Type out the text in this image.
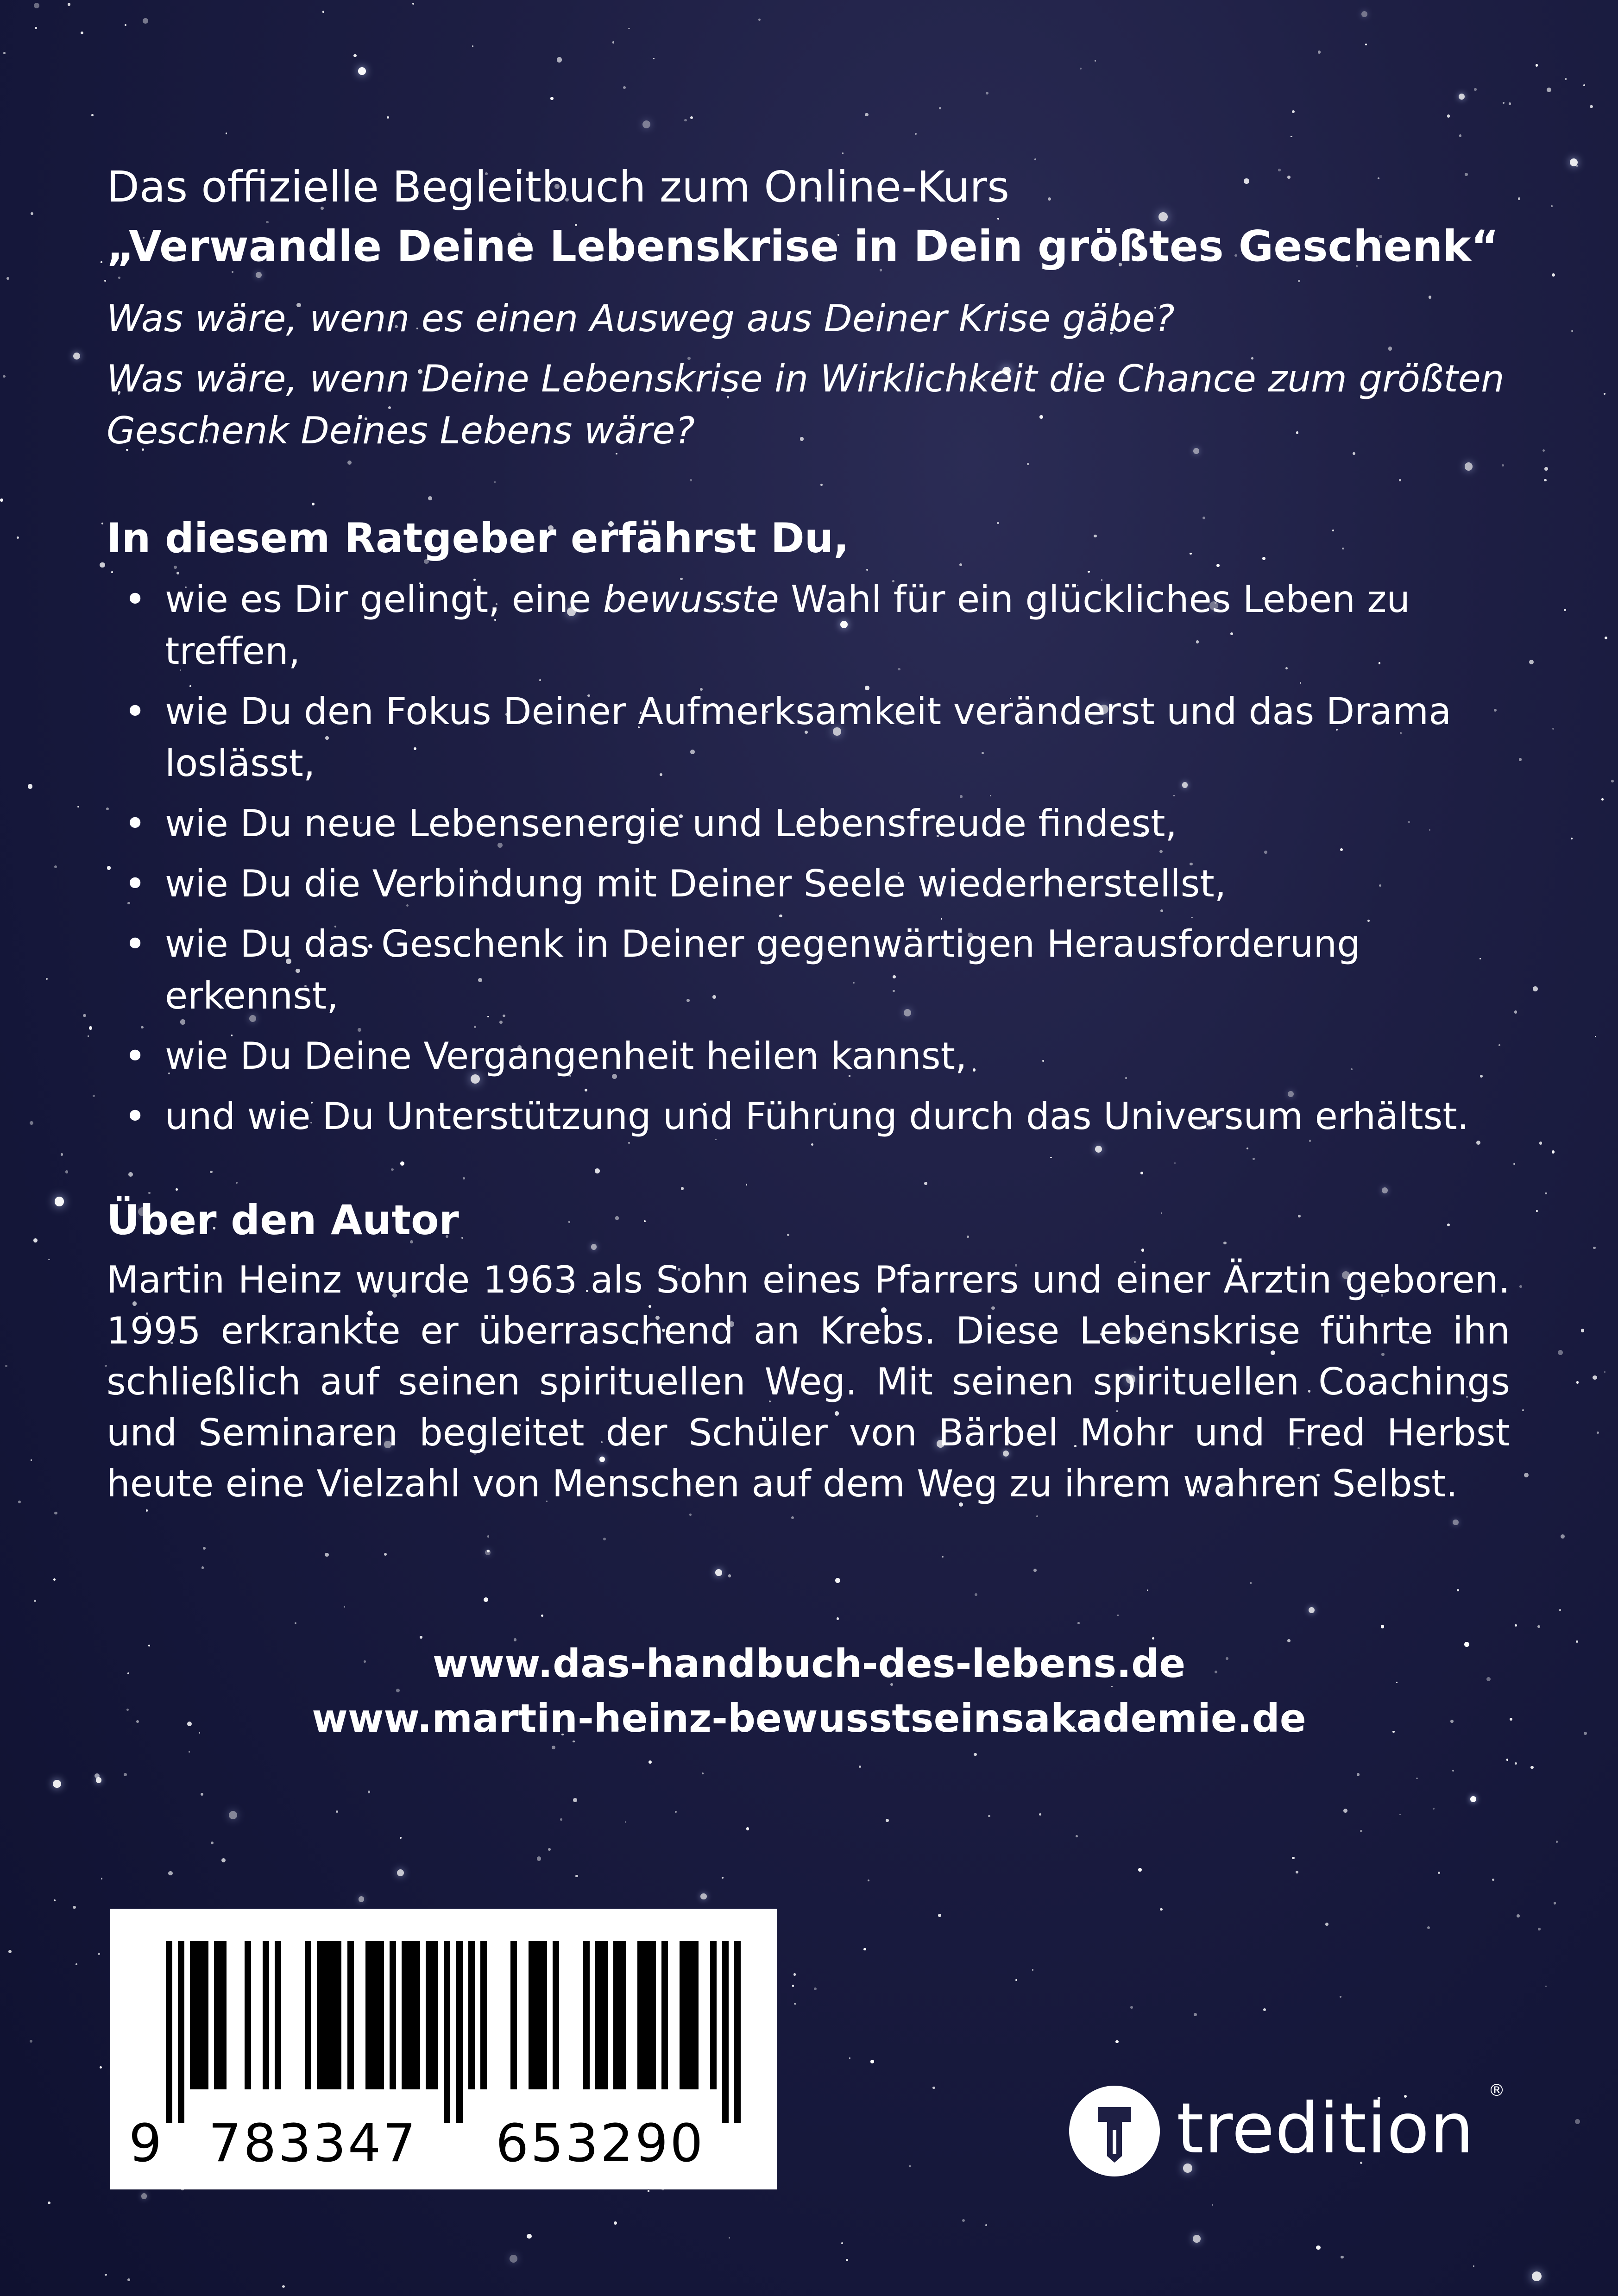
Das offizielle Begleitbuch zum Online-Kurs

„Verwandle Deine Lebenskrise in Dein größtes Geschenk“

Was wäre, wenn es einen Ausweg aus Deiner Krise gäbe?

Was wäre, wenn Deine Lebenskrise in Wirklichkeit die Chance zum größten Geschenk Deines Lebens wäre?

In diesem Ratgeber erfährst Du,
• wie es Dir gelingt, eine bewusste Wahl für ein glückliches Leben zu treffen,
• wie Du den Fokus Deiner Aufmerksamkeit veränderst und das Drama loslässt,
• wie Du neue Lebensenergie und Lebensfreude findest,
• wie Du die Verbindung mit Deiner Seele wiederherstellst,
• wie Du das Geschenk in Deiner gegenwärtigen Herausforderung erkennst,
• wie Du Deine Vergangenheit heilen kannst,
• und wie Du Unterstützung und Führung durch das Universum erhältst.
Über den Autor

Martin Heinz wurde 1963 als Sohn eines Pfarrers und einer Ärztin geboren. 1995 erkrankte er überraschend an Krebs. Diese Lebenskrise führte ihn schließlich auf seinen spirituellen Weg. Mit seinen spirituellen Coachings und Seminaren begleitet der Schüler von Bärbel Mohr und Fred Herbst heute eine Vielzahl von Menschen auf dem Weg zu ihrem wahren Selbst.

www.das-handbuch-des-lebens.de
www.martin-heinz-bewusstseinsakademie.de
9 783347 653290	tredition ®
